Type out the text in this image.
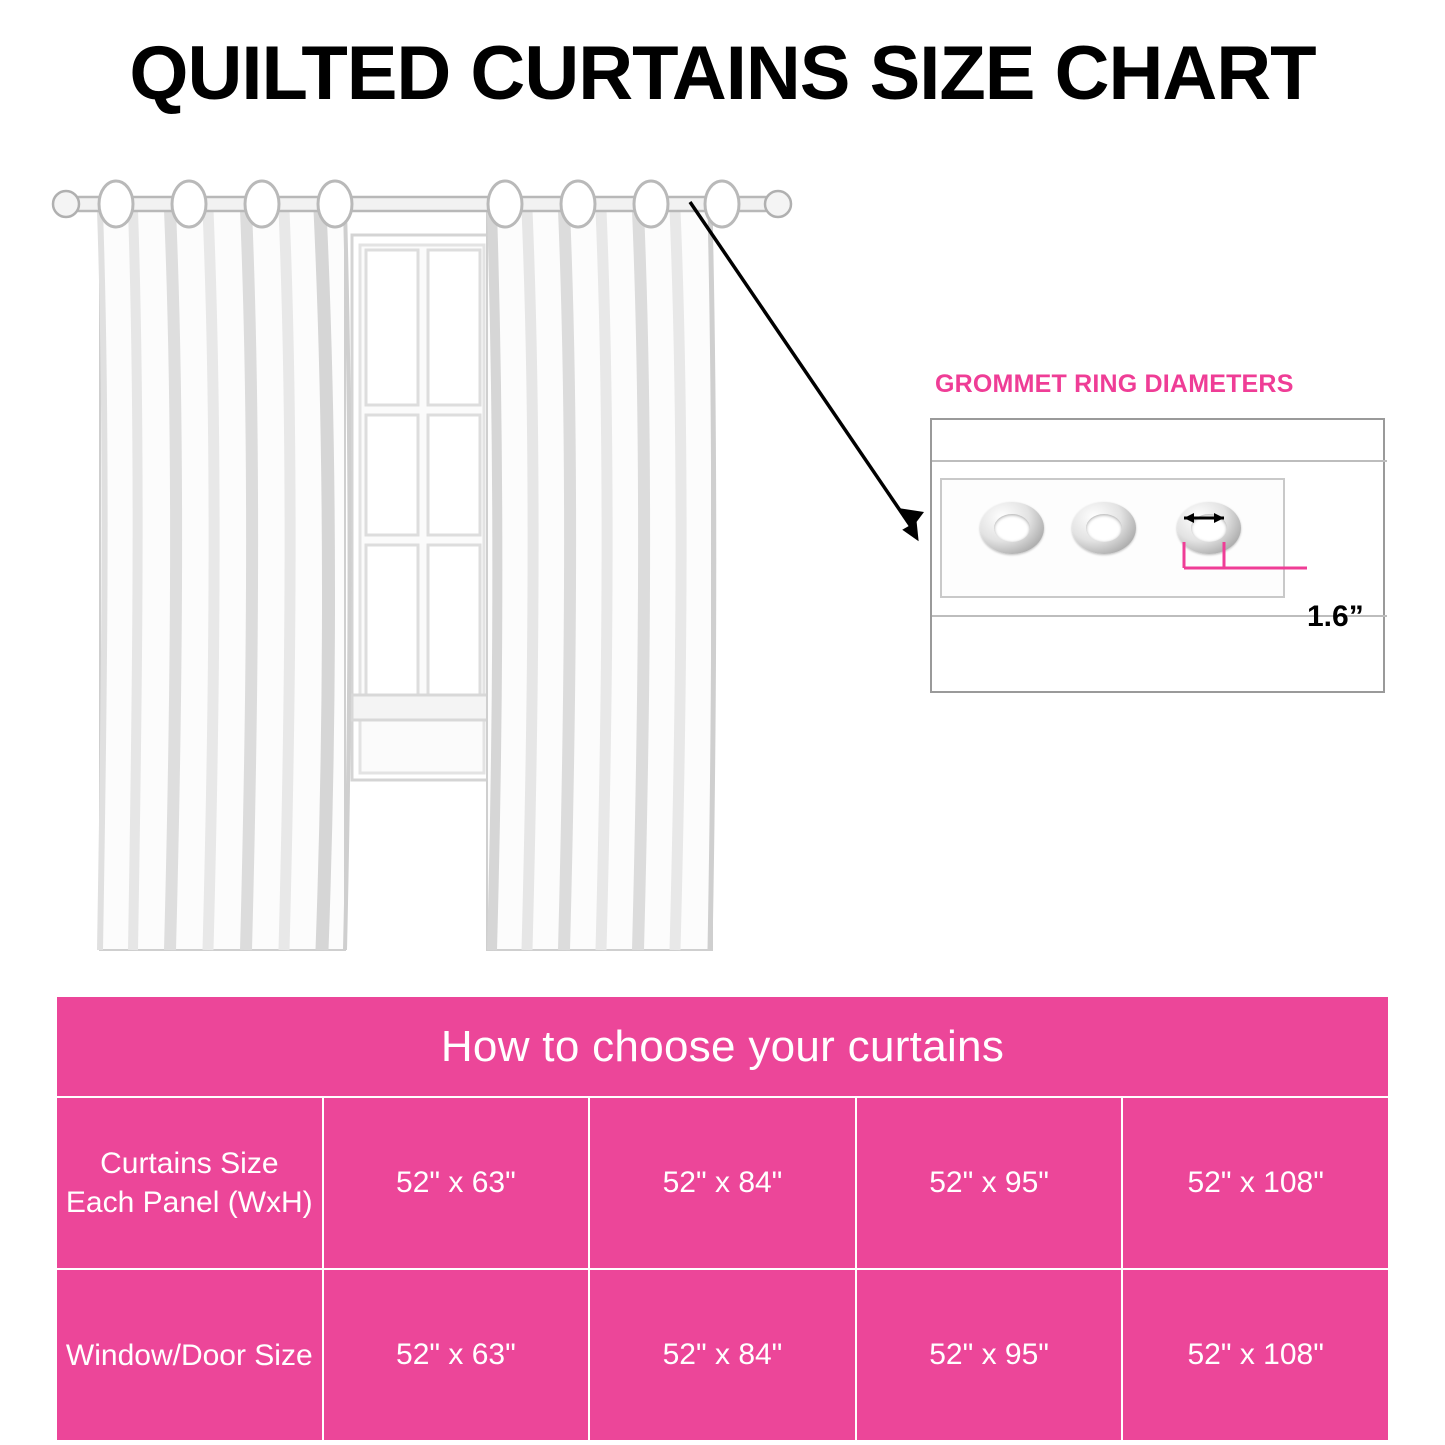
QUILTED CURTAINS SIZE CHART
GROMMET RING DIAMETERS
1.6”
How to choose your curtains				
Curtains Size Each Panel (WxH)	52" x 63"	52" x 84"	52" x 95"	52" x 108"
Window/Door Size	52" x 63"	52" x 84"	52" x 95"	52" x 108"
